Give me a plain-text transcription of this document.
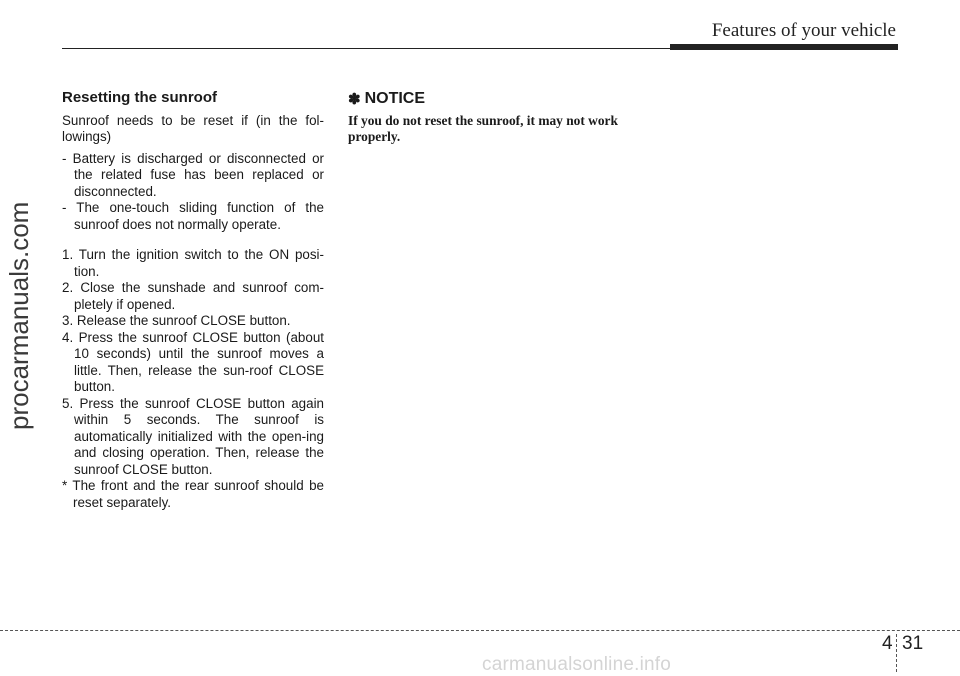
Features of your vehicle
procarmanuals.com
Resetting the sunroof

Sunroof needs to be reset if (in the fol-lowings)

- Battery is discharged or disconnected or the related fuse has been replaced or disconnected.

- The one-touch sliding function of the sunroof does not normally operate.

1. Turn the ignition switch to the ON posi-tion.

2. Close the sunshade and sunroof com-pletely if opened.

3. Release the sunroof CLOSE button.

4. Press the sunroof CLOSE button (about 10 seconds) until the sunroof moves a little. Then, release the sun-roof CLOSE button.

5. Press the sunroof CLOSE button again within 5 seconds. The sunroof is automatically initialized with the open-ing and closing operation. Then, release the sunroof CLOSE button.

* The front and the rear sunroof should be reset separately.

✽ NOTICE

If you do not reset the sunroof, it may not work properly.

4 31
carmanualsonline.info
